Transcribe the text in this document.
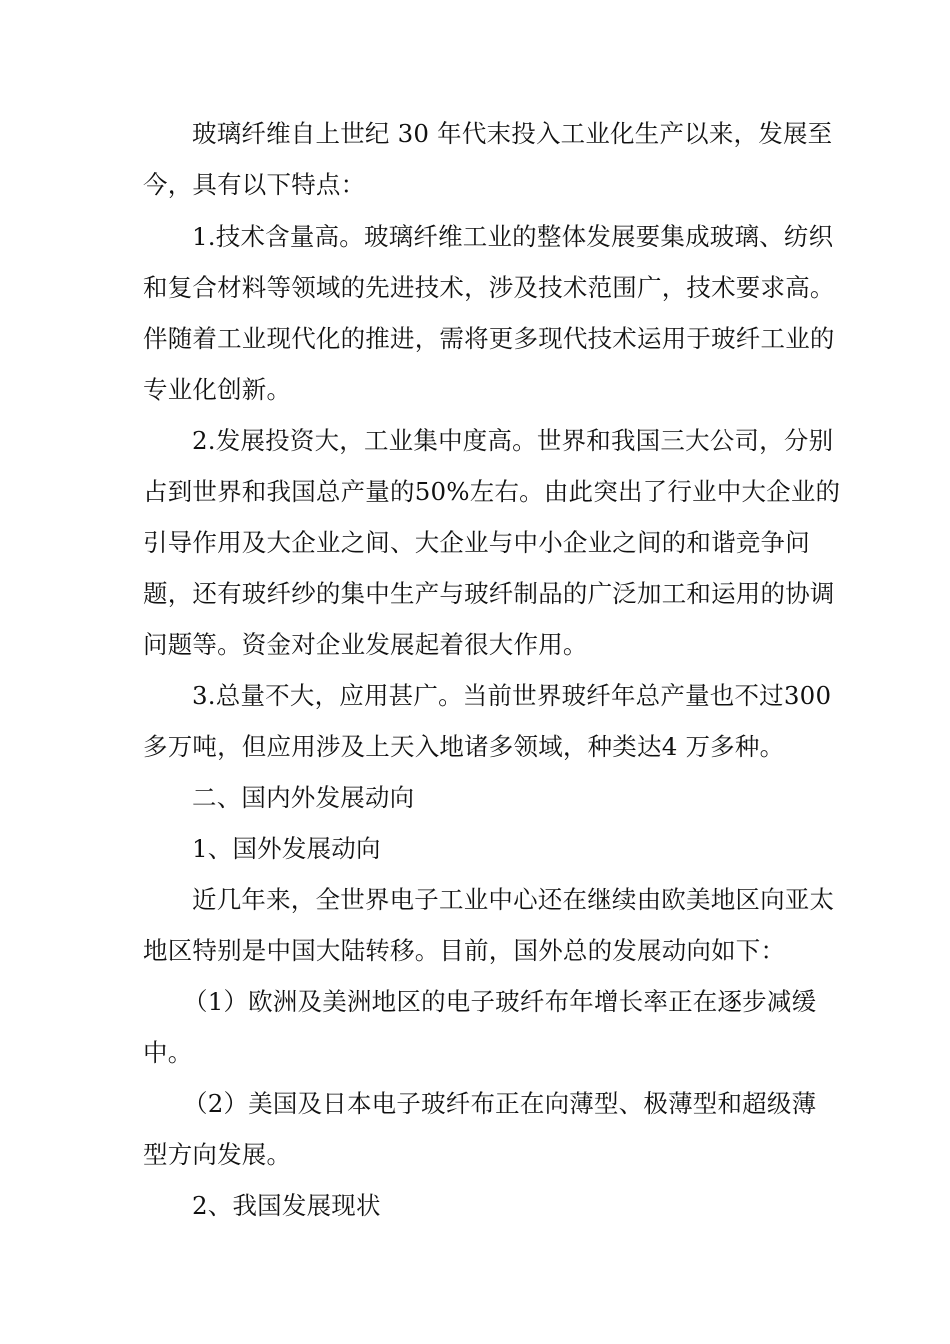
玻璃纤维自上世纪 30 年代末投入工业化生产以来，发展至
今，具有以下特点：
1.技术含量高。玻璃纤维工业的整体发展要集成玻璃、纺织
和复合材料等领域的先进技术，涉及技术范围广，技术要求高。
伴随着工业现代化的推进，需将更多现代技术运用于玻纤工业的
专业化创新。
2.发展投资大，工业集中度高。世界和我国三大公司，分别
占到世界和我国总产量的50%左右。由此突出了行业中大企业的
引导作用及大企业之间、大企业与中小企业之间的和谐竞争问
题，还有玻纤纱的集中生产与玻纤制品的广泛加工和运用的协调
问题等。资金对企业发展起着很大作用。
3.总量不大，应用甚广。当前世界玻纤年总产量也不过300
多万吨，但应用涉及上天入地诸多领域，种类达4 万多种。
二、国内外发展动向
1、国外发展动向
近几年来，全世界电子工业中心还在继续由欧美地区向亚太
地区特别是中国大陆转移。目前，国外总的发展动向如下：
（1）欧洲及美洲地区的电子玻纤布年增长率正在逐步减缓
中。
（2）美国及日本电子玻纤布正在向薄型、极薄型和超级薄
型方向发展。
2、我国发展现状
